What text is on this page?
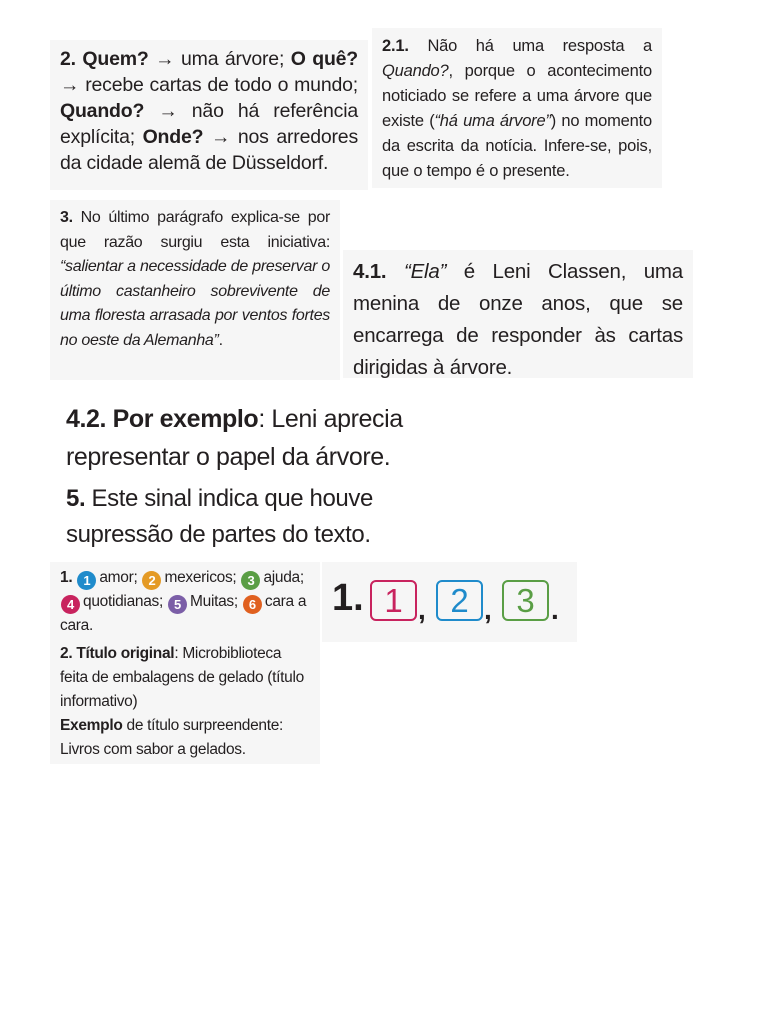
2. Quem? → uma árvore; O quê? → recebe cartas de todo o mundo; Quando? → não há referência explícita; Onde? → nos arredores da cidade alemã de Düsseldorf.

2.1. Não há uma resposta a Quando?, porque o acontecimento noticiado se refere a uma árvore que existe (“há uma árvore”) no momento da escrita da notícia. Infere-se, pois, que o tempo é o presente.

3. No último parágrafo explica-se por que razão surgiu esta iniciativa: “salientar a necessidade de preservar o último castanheiro sobrevivente de uma floresta arrasada por ventos fortes no oeste da Alemanha”.

4.1. “Ela” é Leni Classen, uma menina de onze anos, que se encarrega de responder às cartas dirigidas à árvore.

4.2. Por exemplo: Leni aprecia representar o papel da árvore.

5. Este sinal indica que houve supressão de partes do texto.

1. 1 amor; 2 mexericos; 3 ajuda; 4 quotidianas; 5 Muitas; 6 cara a cara.

2. Título original: Microbiblioteca feita de embalagens de gelado (título informativo)
Exemplo de título surpreendente: Livros com sabor a gelados.

1. 1 , 2 , 3 .
